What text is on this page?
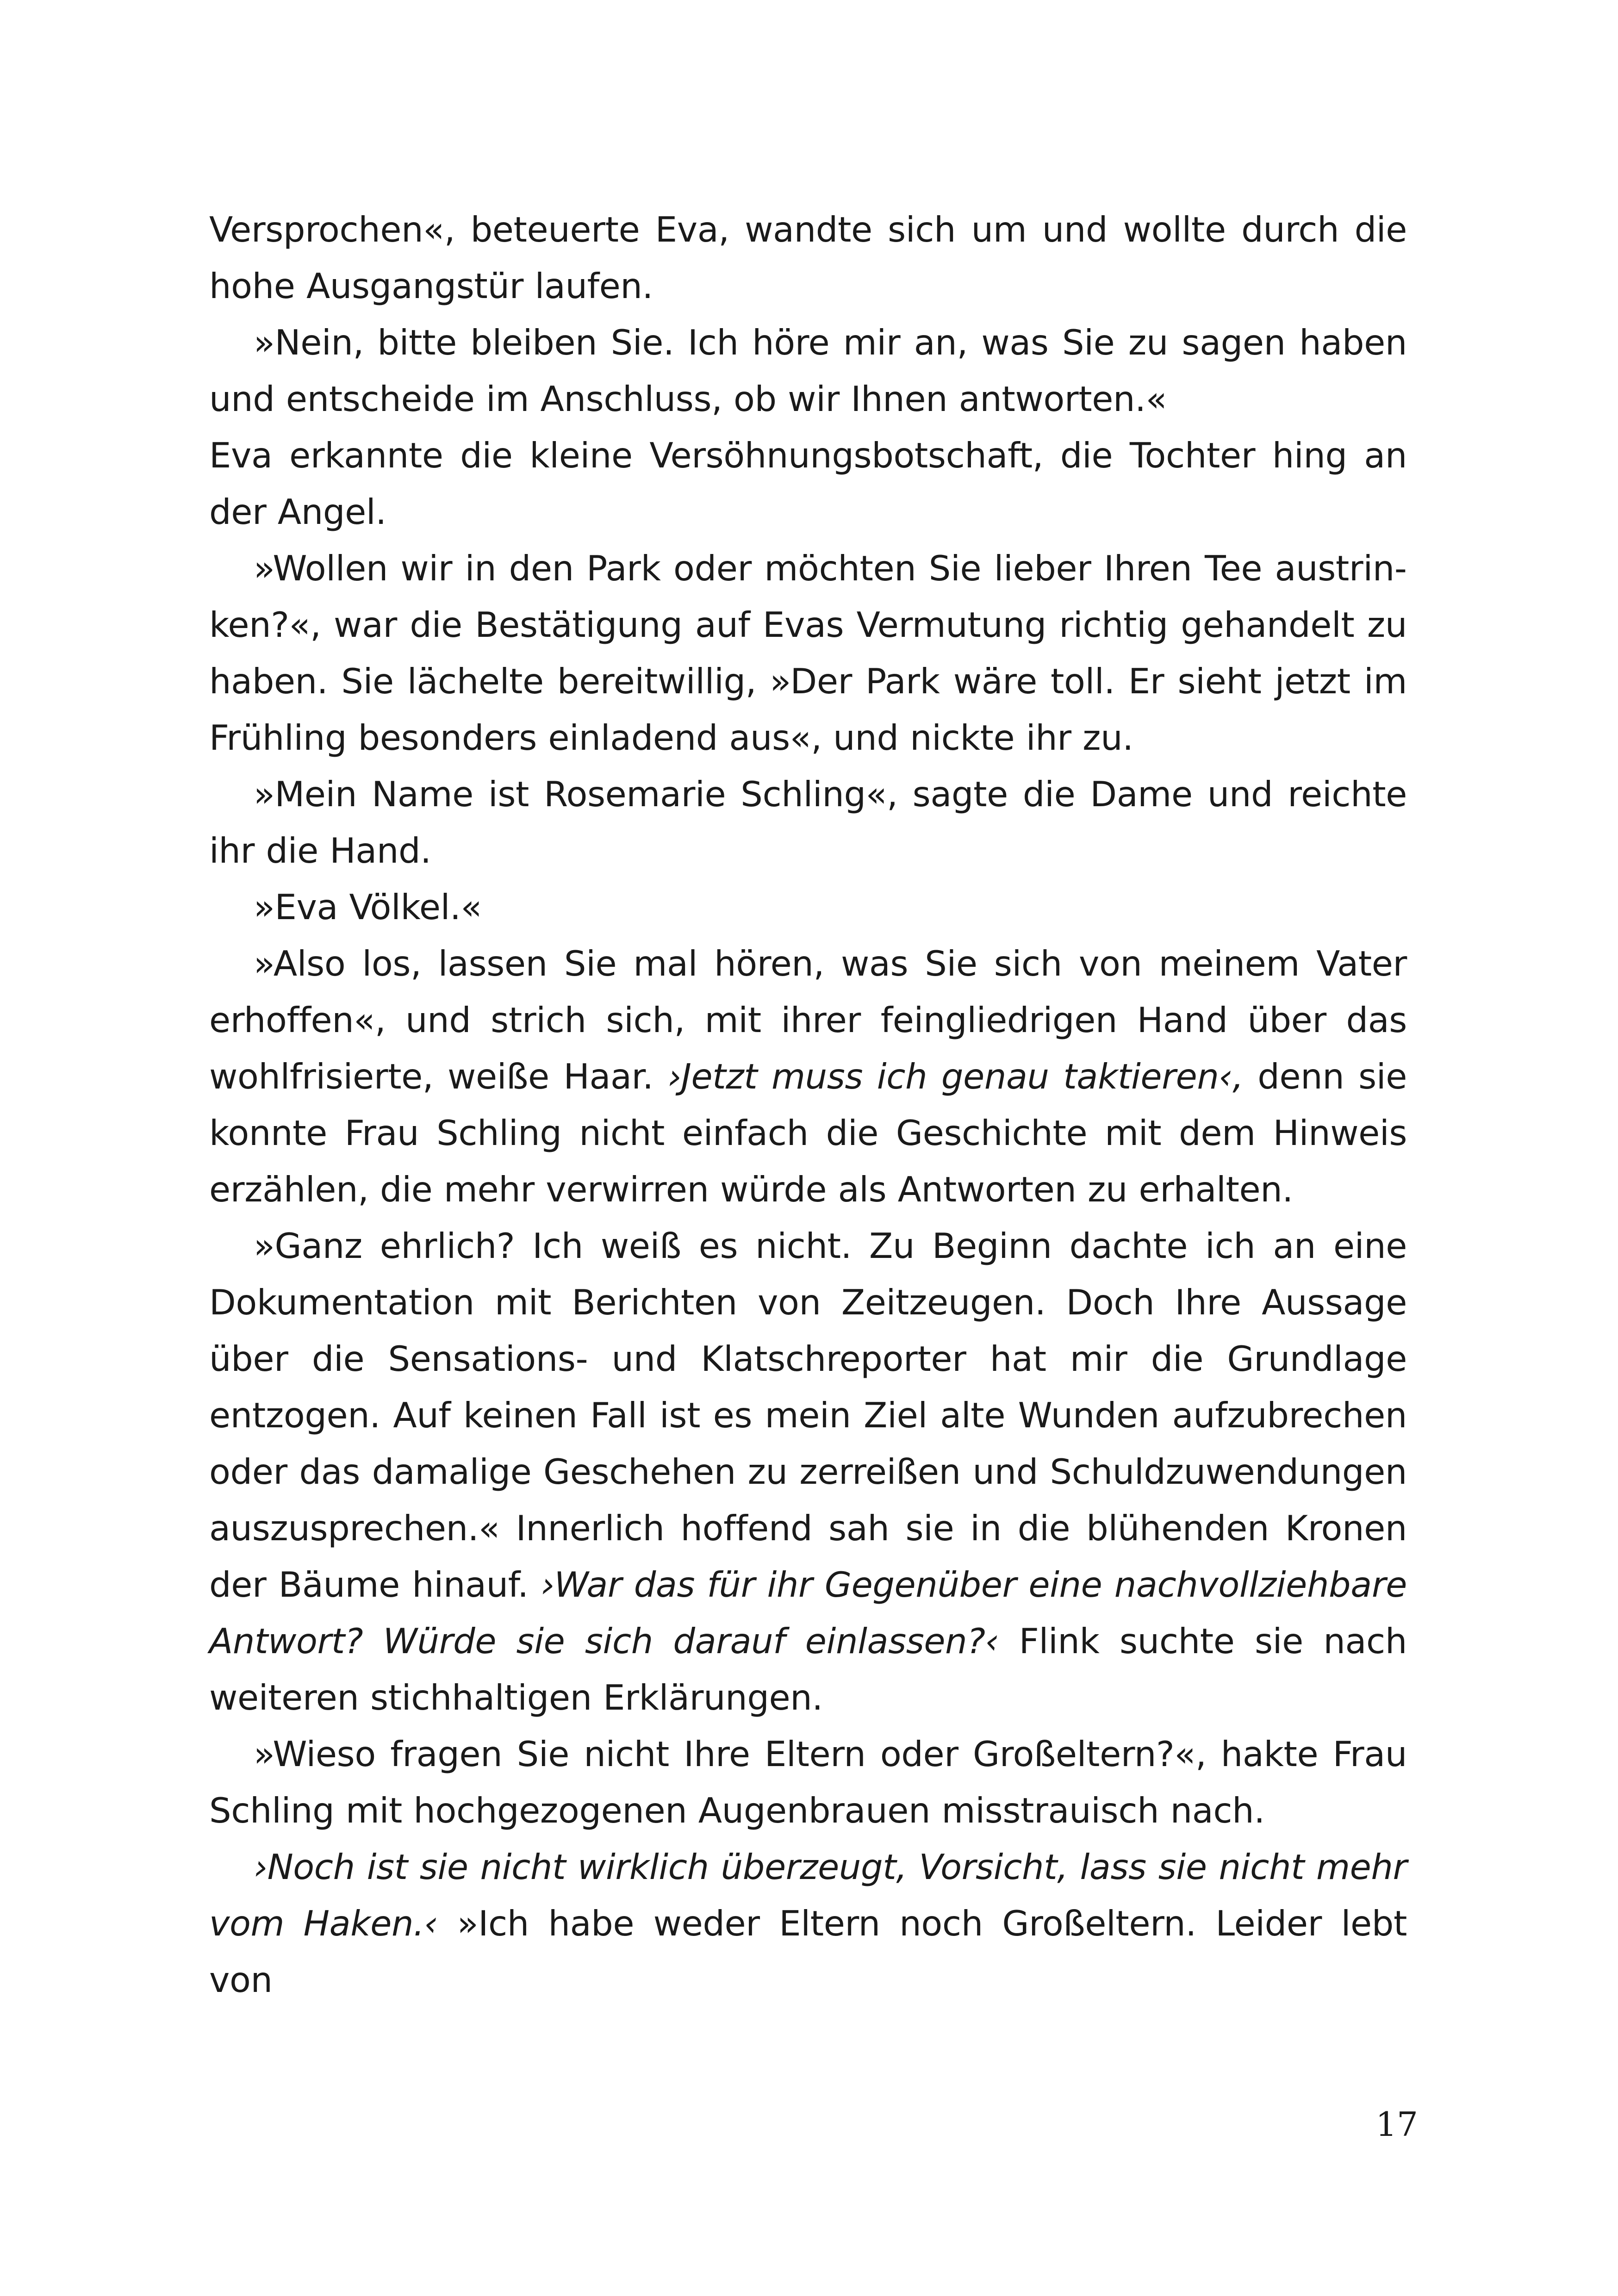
Versprochen«, beteuerte Eva, wandte sich um und wollte durch die hohe Ausgangstür laufen.

»Nein, bitte bleiben Sie. Ich höre mir an, was Sie zu sagen haben und entscheide im Anschluss, ob wir Ihnen antworten.«

Eva erkannte die kleine Versöhnungsbotschaft, die Tochter hing an der Angel.

»Wollen wir in den Park oder möchten Sie lieber Ihren Tee austrinken?«, war die Bestätigung auf Evas Vermutung richtig gehandelt zu haben. Sie lächelte bereitwillig, »Der Park wäre toll. Er sieht jetzt im Frühling besonders einladend aus«, und nickte ihr zu.

»Mein Name ist Rosemarie Schling«, sagte die Dame und reichte ihr die Hand.

»Eva Völkel.«

»Also los, lassen Sie mal hören, was Sie sich von meinem Vater erhoffen«, und strich sich, mit ihrer feingliedrigen Hand über das wohlfrisierte, weiße Haar. ›Jetzt muss ich genau taktieren‹, denn sie konnte Frau Schling nicht einfach die Geschichte mit dem Hinweis erzählen, die mehr verwirren würde als Antworten zu erhalten.

»Ganz ehrlich? Ich weiß es nicht. Zu Beginn dachte ich an eine Dokumentation mit Berichten von Zeitzeugen. Doch Ihre Aussage über die Sensations- und Klatschreporter hat mir die Grundlage entzogen. Auf keinen Fall ist es mein Ziel alte Wunden aufzubrechen oder das damalige Geschehen zu zerreißen und Schuldzuwendungen auszusprechen.« Innerlich hoffend sah sie in die blühenden Kronen der Bäume hinauf. ›War das für ihr Gegenüber eine nachvollziehbare Antwort? Würde sie sich darauf einlassen?‹ Flink suchte sie nach weiteren stichhaltigen Erklärungen.

»Wieso fragen Sie nicht Ihre Eltern oder Großeltern?«, hakte Frau Schling mit hochgezogenen Augenbrauen misstrauisch nach.

›Noch ist sie nicht wirklich überzeugt, Vorsicht, lass sie nicht mehr vom Haken.‹ »Ich habe weder Eltern noch Großeltern. Leider lebt von

17
